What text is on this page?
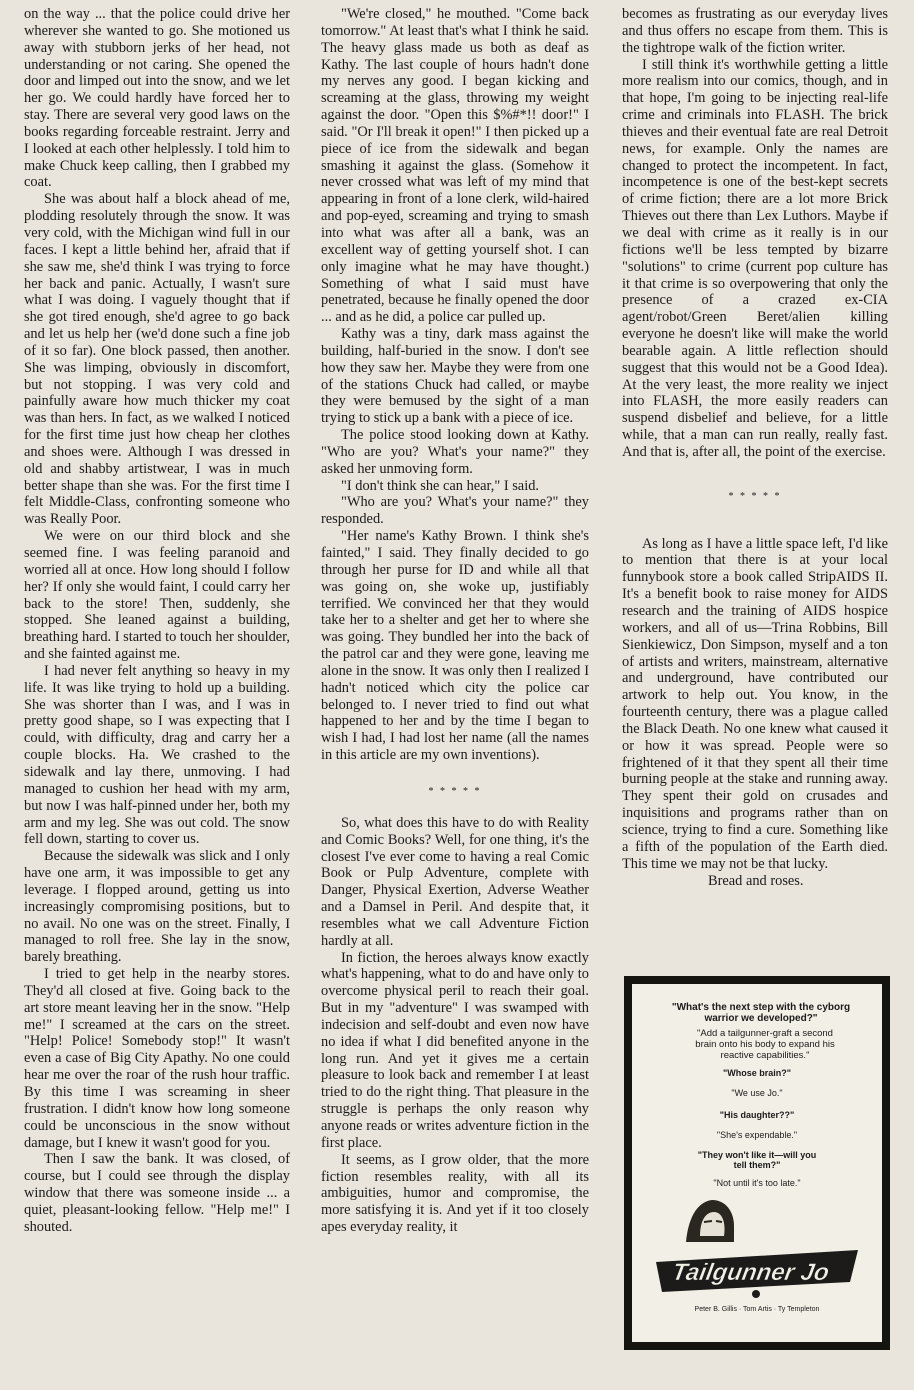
on the way ... that the police could drive her wherever she wanted to go. She motioned us away with stubborn jerks of her head, not understanding or not caring. She opened the door and limped out into the snow, and we let her go. We could hardly have forced her to stay. There are several very good laws on the books regarding forceable restraint. Jerry and I looked at each other helplessly. I told him to make Chuck keep calling, then I grabbed my coat.

She was about half a block ahead of me, plodding resolutely through the snow. It was very cold, with the Michigan wind full in our faces. I kept a little behind her, afraid that if she saw me, she'd think I was trying to force her back and panic. Actually, I wasn't sure what I was doing. I vaguely thought that if she got tired enough, she'd agree to go back and let us help her (we'd done such a fine job of it so far). One block passed, then another. She was limping, obviously in discomfort, but not stopping. I was very cold and painfully aware how much thicker my coat was than hers. In fact, as we walked I noticed for the first time just how cheap her clothes and shoes were. Although I was dressed in old and shabby artistwear, I was in much better shape than she was. For the first time I felt Middle-Class, confronting someone who was Really Poor.

We were on our third block and she seemed fine. I was feeling paranoid and worried all at once. How long should I follow her? If only she would faint, I could carry her back to the store! Then, suddenly, she stopped. She leaned against a building, breathing hard. I started to touch her shoulder, and she fainted against me.

I had never felt anything so heavy in my life. It was like trying to hold up a building. She was shorter than I was, and I was in pretty good shape, so I was expecting that I could, with difficulty, drag and carry her a couple blocks. Ha. We crashed to the sidewalk and lay there, unmoving. I had managed to cushion her head with my arm, but now I was half-pinned under her, both my arm and my leg. She was out cold. The snow fell down, starting to cover us.

Because the sidewalk was slick and I only have one arm, it was impossible to get any leverage. I flopped around, getting us into increasingly compromising positions, but to no avail. No one was on the street. Finally, I managed to roll free. She lay in the snow, barely breathing.

I tried to get help in the nearby stores. They'd all closed at five. Going back to the art store meant leaving her in the snow. "Help me!" I screamed at the cars on the street. "Help! Police! Somebody stop!" It wasn't even a case of Big City Apathy. No one could hear me over the roar of the rush hour traffic. By this time I was screaming in sheer frustration. I didn't know how long someone could be unconscious in the snow without damage, but I knew it wasn't good for you.

Then I saw the bank. It was closed, of course, but I could see through the display window that there was someone inside ... a quiet, pleasant-looking fellow. "Help me!" I shouted.

"We're closed," he mouthed. "Come back tomorrow." At least that's what I think he said. The heavy glass made us both as deaf as Kathy. The last couple of hours hadn't done my nerves any good. I began kicking and screaming at the glass, throwing my weight against the door. "Open this $%#*!! door!" I said. "Or I'll break it open!" I then picked up a piece of ice from the sidewalk and began smashing it against the glass. (Somehow it never crossed what was left of my mind that appearing in front of a lone clerk, wild-haired and pop-eyed, screaming and trying to smash into what was after all a bank, was an excellent way of getting yourself shot. I can only imagine what he may have thought.) Something of what I said must have penetrated, because he finally opened the door ... and as he did, a police car pulled up.

Kathy was a tiny, dark mass against the building, half-buried in the snow. I don't see how they saw her. Maybe they were from one of the stations Chuck had called, or maybe they were bemused by the sight of a man trying to stick up a bank with a piece of ice.

The police stood looking down at Kathy. "Who are you? What's your name?" they asked her unmoving form.

"I don't think she can hear," I said.

"Who are you? What's your name?" they responded.

"Her name's Kathy Brown. I think she's fainted," I said. They finally decided to go through her purse for ID and while all that was going on, she woke up, justifiably terrified. We convinced her that they would take her to a shelter and get her to where she was going. They bundled her into the back of the patrol car and they were gone, leaving me alone in the snow. It was only then I realized I hadn't noticed which city the police car belonged to. I never tried to find out what happened to her and by the time I began to wish I had, I had lost her name (all the names in this article are my own inventions).

* * * * *

So, what does this have to do with Reality and Comic Books? Well, for one thing, it's the closest I've ever come to having a real Comic Book or Pulp Adventure, complete with Danger, Physical Exertion, Adverse Weather and a Damsel in Peril. And despite that, it resembles what we call Adventure Fiction hardly at all.

In fiction, the heroes always know exactly what's happening, what to do and have only to overcome physical peril to reach their goal. But in my "adventure" I was swamped with indecision and self-doubt and even now have no idea if what I did benefited anyone in the long run. And yet it gives me a certain pleasure to look back and remember I at least tried to do the right thing. That pleasure in the struggle is perhaps the only reason why anyone reads or writes adventure fiction in the first place.

It seems, as I grow older, that the more fiction resembles reality, with all its ambiguities, humor and compromise, the more satisfying it is. And yet if it too closely apes everyday reality, it

becomes as frustrating as our everyday lives and thus offers no escape from them. This is the tightrope walk of the fiction writer.

I still think it's worthwhile getting a little more realism into our comics, though, and in that hope, I'm going to be injecting real-life crime and criminals into FLASH. The brick thieves and their eventual fate are real Detroit news, for example. Only the names are changed to protect the incompetent. In fact, incompetence is one of the best-kept secrets of crime fiction; there are a lot more Brick Thieves out there than Lex Luthors. Maybe if we deal with crime as it really is in our fictions we'll be less tempted by bizarre "solutions" to crime (current pop culture has it that crime is so overpowering that only the presence of a crazed ex-CIA agent/robot/Green Beret/alien killing everyone he doesn't like will make the world bearable again. A little reflection should suggest that this would not be a Good Idea). At the very least, the more reality we inject into FLASH, the more easily readers can suspend disbelief and believe, for a little while, that a man can run really, really fast. And that is, after all, the point of the exercise.

* * * * *

As long as I have a little space left, I'd like to mention that there is at your local funnybook store a book called StripAIDS II. It's a benefit book to raise money for AIDS research and the training of AIDS hospice workers, and all of us—Trina Robbins, Bill Sienkiewicz, Don Simpson, myself and a ton of artists and writers, mainstream, alternative and underground, have contributed our artwork to help out. You know, in the fourteenth century, there was a plague called the Black Death. No one knew what caused it or how it was spread. People were so frightened of it that they spent all their time burning people at the stake and running away. They spent their gold on crusades and inquisitions and programs rather than on science, trying to find a cure. Something like a fifth of the population of the Earth died. This time we may not be that lucky.

Bread and roses.

"What's the next step with the cyborg warrior we developed?"
"Add a tailgunner-graft a second brain onto his body to expand his reactive capabilities."
"Whose brain?"
"We use Jo."
"His daughter??"
"She's expendable."
"They won't like it—will you tell them?"
"Not until it's too late."
Tailgunner Jo
Peter B. Gillis · Tom Artis · Ty Templeton
